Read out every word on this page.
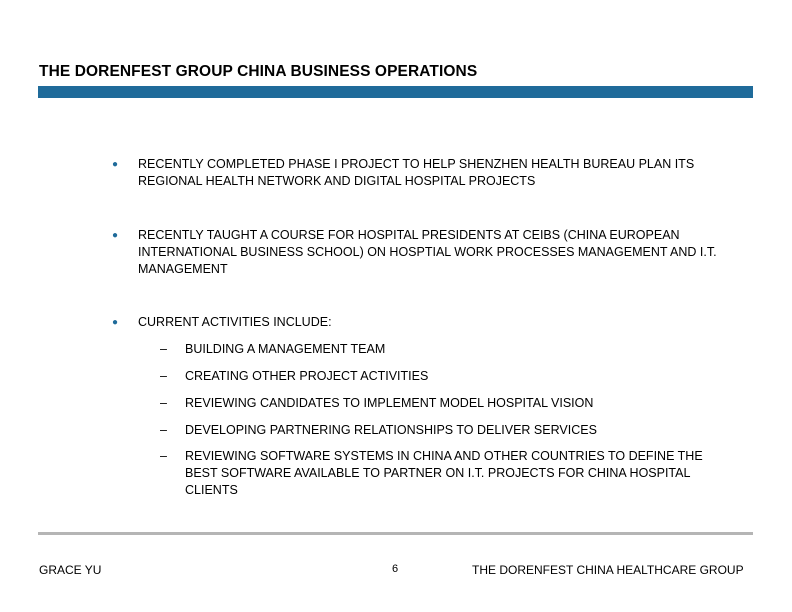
THE DORENFEST GROUP CHINA BUSINESS OPERATIONS
●	RECENTLY COMPLETED PHASE I PROJECT TO HELP SHENZHEN HEALTH BUREAU PLAN ITS REGIONAL HEALTH NETWORK AND DIGITAL HOSPITAL PROJECTS
●	RECENTLY TAUGHT A COURSE FOR HOSPITAL PRESIDENTS AT CEIBS (CHINA EUROPEAN INTERNATIONAL BUSINESS SCHOOL) ON HOSPTIAL WORK PROCESSES MANAGEMENT AND I.T. MANAGEMENT
●	CURRENT ACTIVITIES INCLUDE:
– BUILDING A MANAGEMENT TEAM
– CREATING OTHER PROJECT ACTIVITIES
– REVIEWING CANDIDATES TO IMPLEMENT MODEL HOSPITAL VISION
– DEVELOPING PARTNERING RELATIONSHIPS TO DELIVER SERVICES
– REVIEWING SOFTWARE SYSTEMS IN CHINA AND OTHER COUNTRIES TO DEFINE THE BEST SOFTWARE AVAILABLE TO PARTNER ON I.T. PROJECTS FOR CHINA HOSPITAL CLIENTS
GRACE YU	6	THE DORENFEST CHINA HEALTHCARE GROUP
